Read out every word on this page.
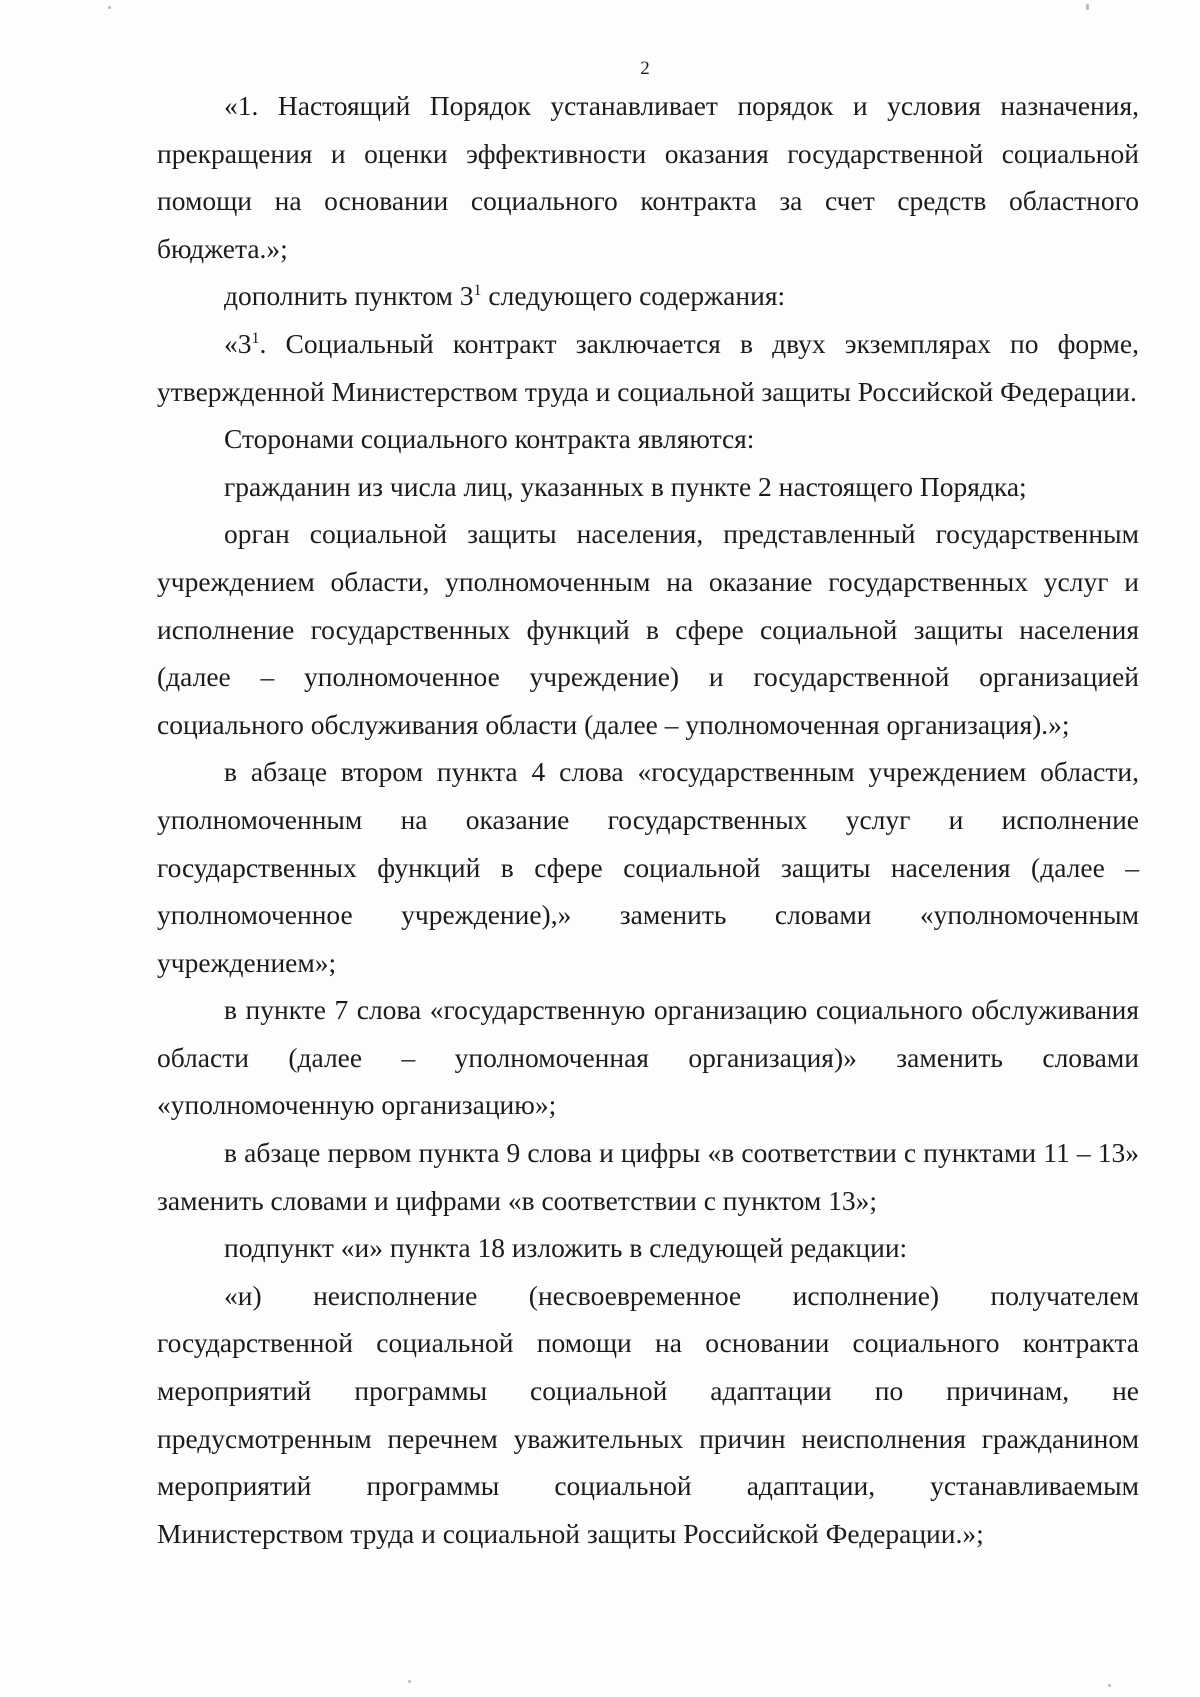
2

«1. Настоящий Порядок устанавливает порядок и условия назначения, прекращения и оценки эффективности оказания государственной социальной помощи на основании социального контракта за счет средств областного бюджета.»;

дополнить пунктом $3^1$ следующего содержания:

«$3^1$. Социальный контракт заключается в двух экземплярах по форме, утвержденной Министерством труда и социальной защиты Российской Федерации.

Сторонами социального контракта являются:

гражданин из числа лиц, указанных в пункте 2 настоящего Порядка;

орган социальной защиты населения, представленный государственным учреждением области, уполномоченным на оказание государственных услуг и исполнение государственных функций в сфере социальной защиты населения (далее – уполномоченное учреждение) и государственной организацией социального обслуживания области (далее – уполномоченная организация).»;

в абзаце втором пункта 4 слова «государственным учреждением области, уполномоченным на оказание государственных услуг и исполнение государственных функций в сфере социальной защиты населения (далее – уполномоченное учреждение),» заменить словами «уполномоченным учреждением»;

в пункте 7 слова «государственную организацию социального обслуживания области (далее – уполномоченная организация)» заменить словами «уполномоченную организацию»;

в абзаце первом пункта 9 слова и цифры «в соответствии с пунктами 11 – 13» заменить словами и цифрами «в соответствии с пунктом 13»;

подпункт «и» пункта 18 изложить в следующей редакции:

«и) неисполнение (несвоевременное исполнение) получателем государственной социальной помощи на основании социального контракта мероприятий программы социальной адаптации по причинам, не предусмотренным перечнем уважительных причин неисполнения гражданином мероприятий программы социальной адаптации, устанавливаемым Министерством труда и социальной защиты Российской Федерации.»;
